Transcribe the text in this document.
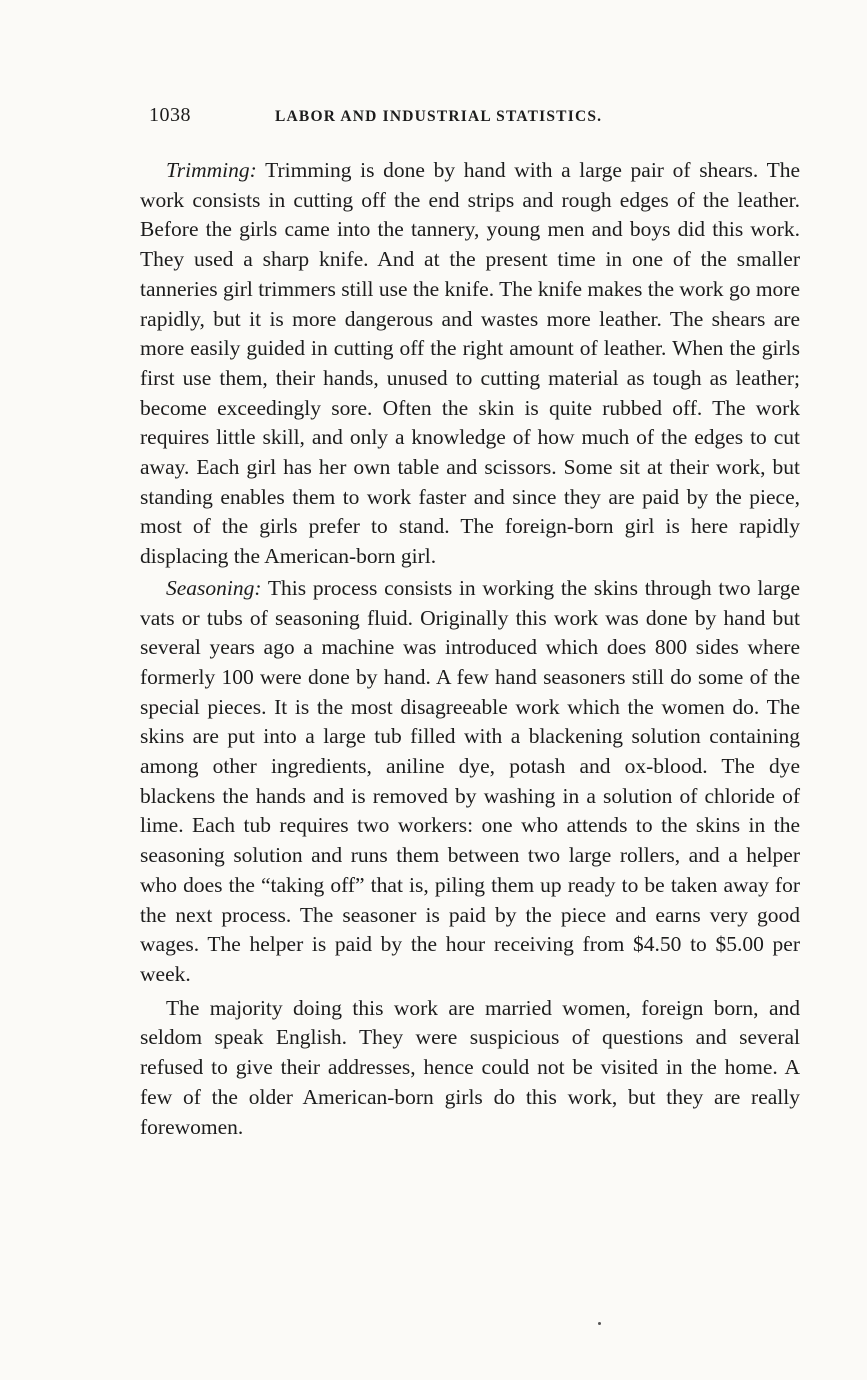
1038	LABOR AND INDUSTRIAL STATISTICS.

Trimming: Trimming is done by hand with a large pair of shears. The work consists in cutting off the end strips and rough edges of the leather. Before the girls came into the tannery, young men and boys did this work. They used a sharp knife. And at the present time in one of the smaller tanneries girl trimmers still use the knife. The knife makes the work go more rapidly, but it is more dangerous and wastes more leather. The shears are more easily guided in cutting off the right amount of leather. When the girls first use them, their hands, unused to cutting material as tough as leather; become exceedingly sore. Often the skin is quite rubbed off. The work requires little skill, and only a knowledge of how much of the edges to cut away. Each girl has her own table and scissors. Some sit at their work, but standing enables them to work faster and since they are paid by the piece, most of the girls prefer to stand. The foreign-born girl is here rapidly displacing the American-born girl.

Seasoning: This process consists in working the skins through two large vats or tubs of seasoning fluid. Originally this work was done by hand but several years ago a machine was introduced which does 800 sides where formerly 100 were done by hand. A few hand seasoners still do some of the special pieces. It is the most disagreeable work which the women do. The skins are put into a large tub filled with a blackening solution containing among other ingredients, aniline dye, potash and ox-blood. The dye blackens the hands and is removed by washing in a solution of chloride of lime. Each tub requires two workers: one who attends to the skins in the seasoning solution and runs them between two large rollers, and a helper who does the “taking off” that is, piling them up ready to be taken away for the next process. The seasoner is paid by the piece and earns very good wages. The helper is paid by the hour receiving from $4.50 to $5.00 per week.

The majority doing this work are married women, foreign born, and seldom speak English. They were suspicious of questions and several refused to give their addresses, hence could not be visited in the home. A few of the older American-born girls do this work, but they are really forewomen.
